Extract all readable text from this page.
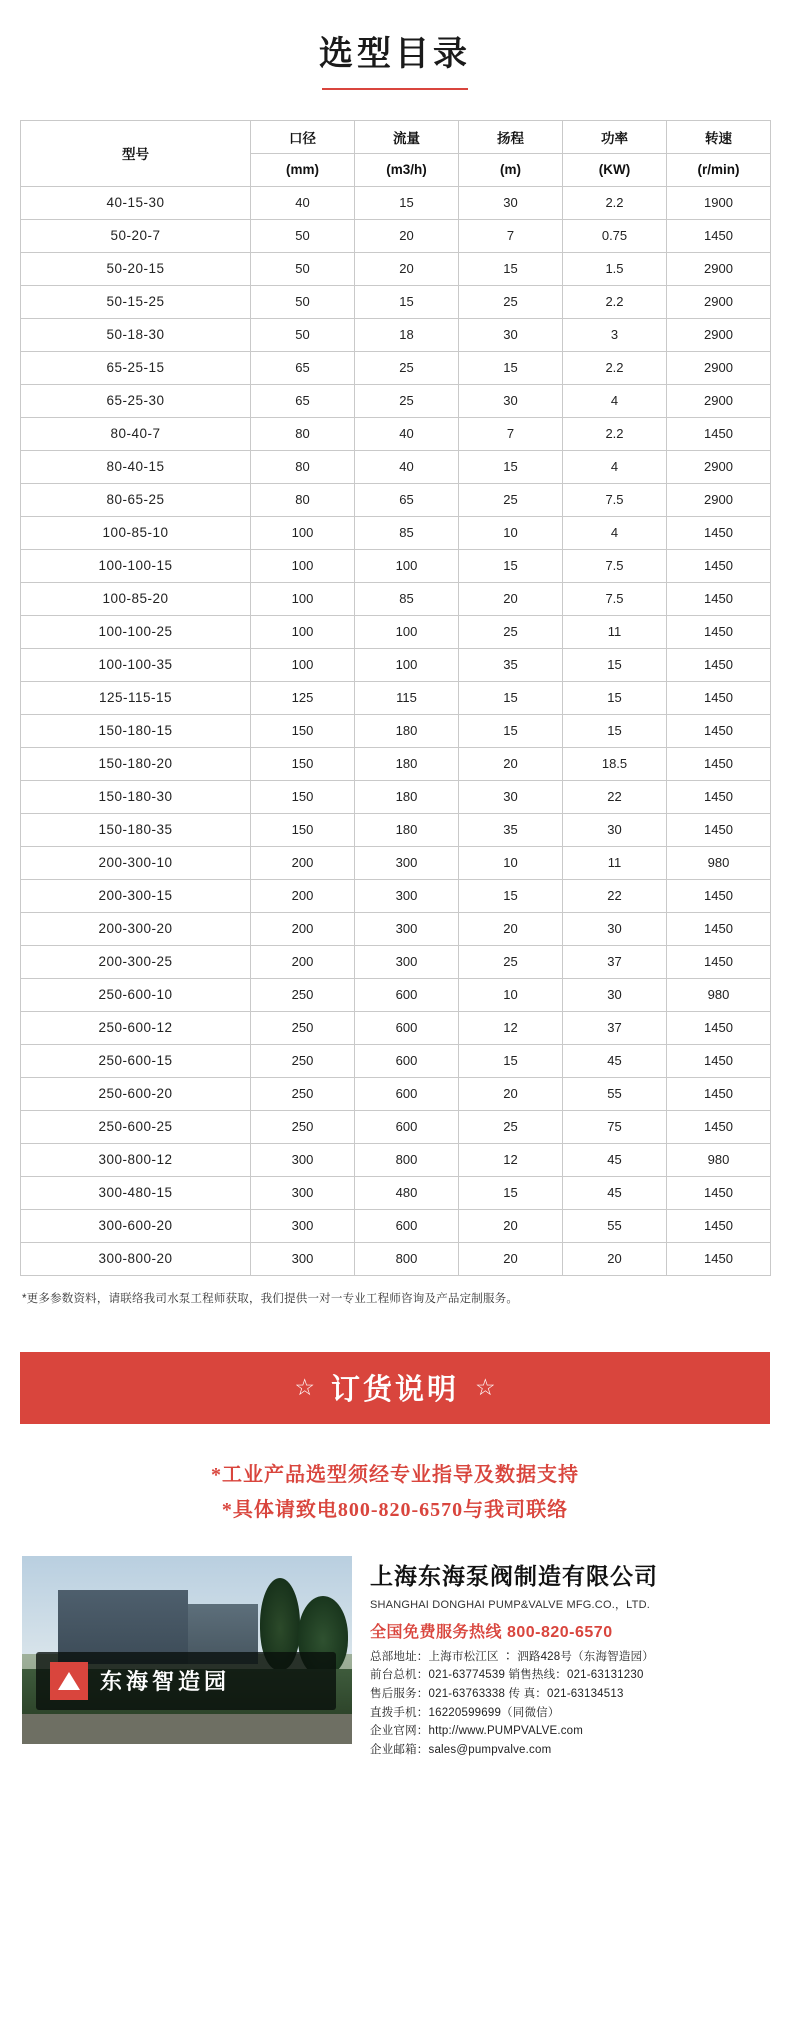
选型目录
型号	口径	流量	扬程	功率	转速
	(mm)	(m3/h)	(m)	(KW)	(r/min)
40-15-30	40	15	30	2.2	1900
50-20-7	50	20	7	0.75	1450
50-20-15	50	20	15	1.5	2900
50-15-25	50	15	25	2.2	2900
50-18-30	50	18	30	3	2900
65-25-15	65	25	15	2.2	2900
65-25-30	65	25	30	4	2900
80-40-7	80	40	7	2.2	1450
80-40-15	80	40	15	4	2900
80-65-25	80	65	25	7.5	2900
100-85-10	100	85	10	4	1450
100-100-15	100	100	15	7.5	1450
100-85-20	100	85	20	7.5	1450
100-100-25	100	100	25	11	1450
100-100-35	100	100	35	15	1450
125-115-15	125	115	15	15	1450
150-180-15	150	180	15	15	1450
150-180-20	150	180	20	18.5	1450
150-180-30	150	180	30	22	1450
150-180-35	150	180	35	30	1450
200-300-10	200	300	10	11	980
200-300-15	200	300	15	22	1450
200-300-20	200	300	20	30	1450
200-300-25	200	300	25	37	1450
250-600-10	250	600	10	30	980
250-600-12	250	600	12	37	1450
250-600-15	250	600	15	45	1450
250-600-20	250	600	20	55	1450
250-600-25	250	600	25	75	1450
300-800-12	300	800	12	45	980
300-480-15	300	480	15	45	1450
300-600-20	300	600	20	55	1450
300-800-20	300	800	20	20	1450
*更多参数资料，请联络我司水泵工程师获取，我们提供一对一专业工程师咨询及产品定制服务。
☆ 订货说明 ☆
*工业产品选型须经专业指导及数据支持
*具体请致电800-820-6570与我司联络
东海智造园
上海东海泵阀制造有限公司
SHANGHAI DONGHAI PUMP&VALVE MFG.CO.，LTD.
全国免费服务热线 800-820-6570
总部地址：上海市松江区 ∶ 泗路428号（东海智造园）
前台总机：021-63774539 销售热线：021-63131230
售后服务：021-63763338 传 真：021-63134513
直拨手机：16220599699（同微信）
企业官网：http://www.PUMPVALVE.com
企业邮箱：sales@pumpvalve.com
